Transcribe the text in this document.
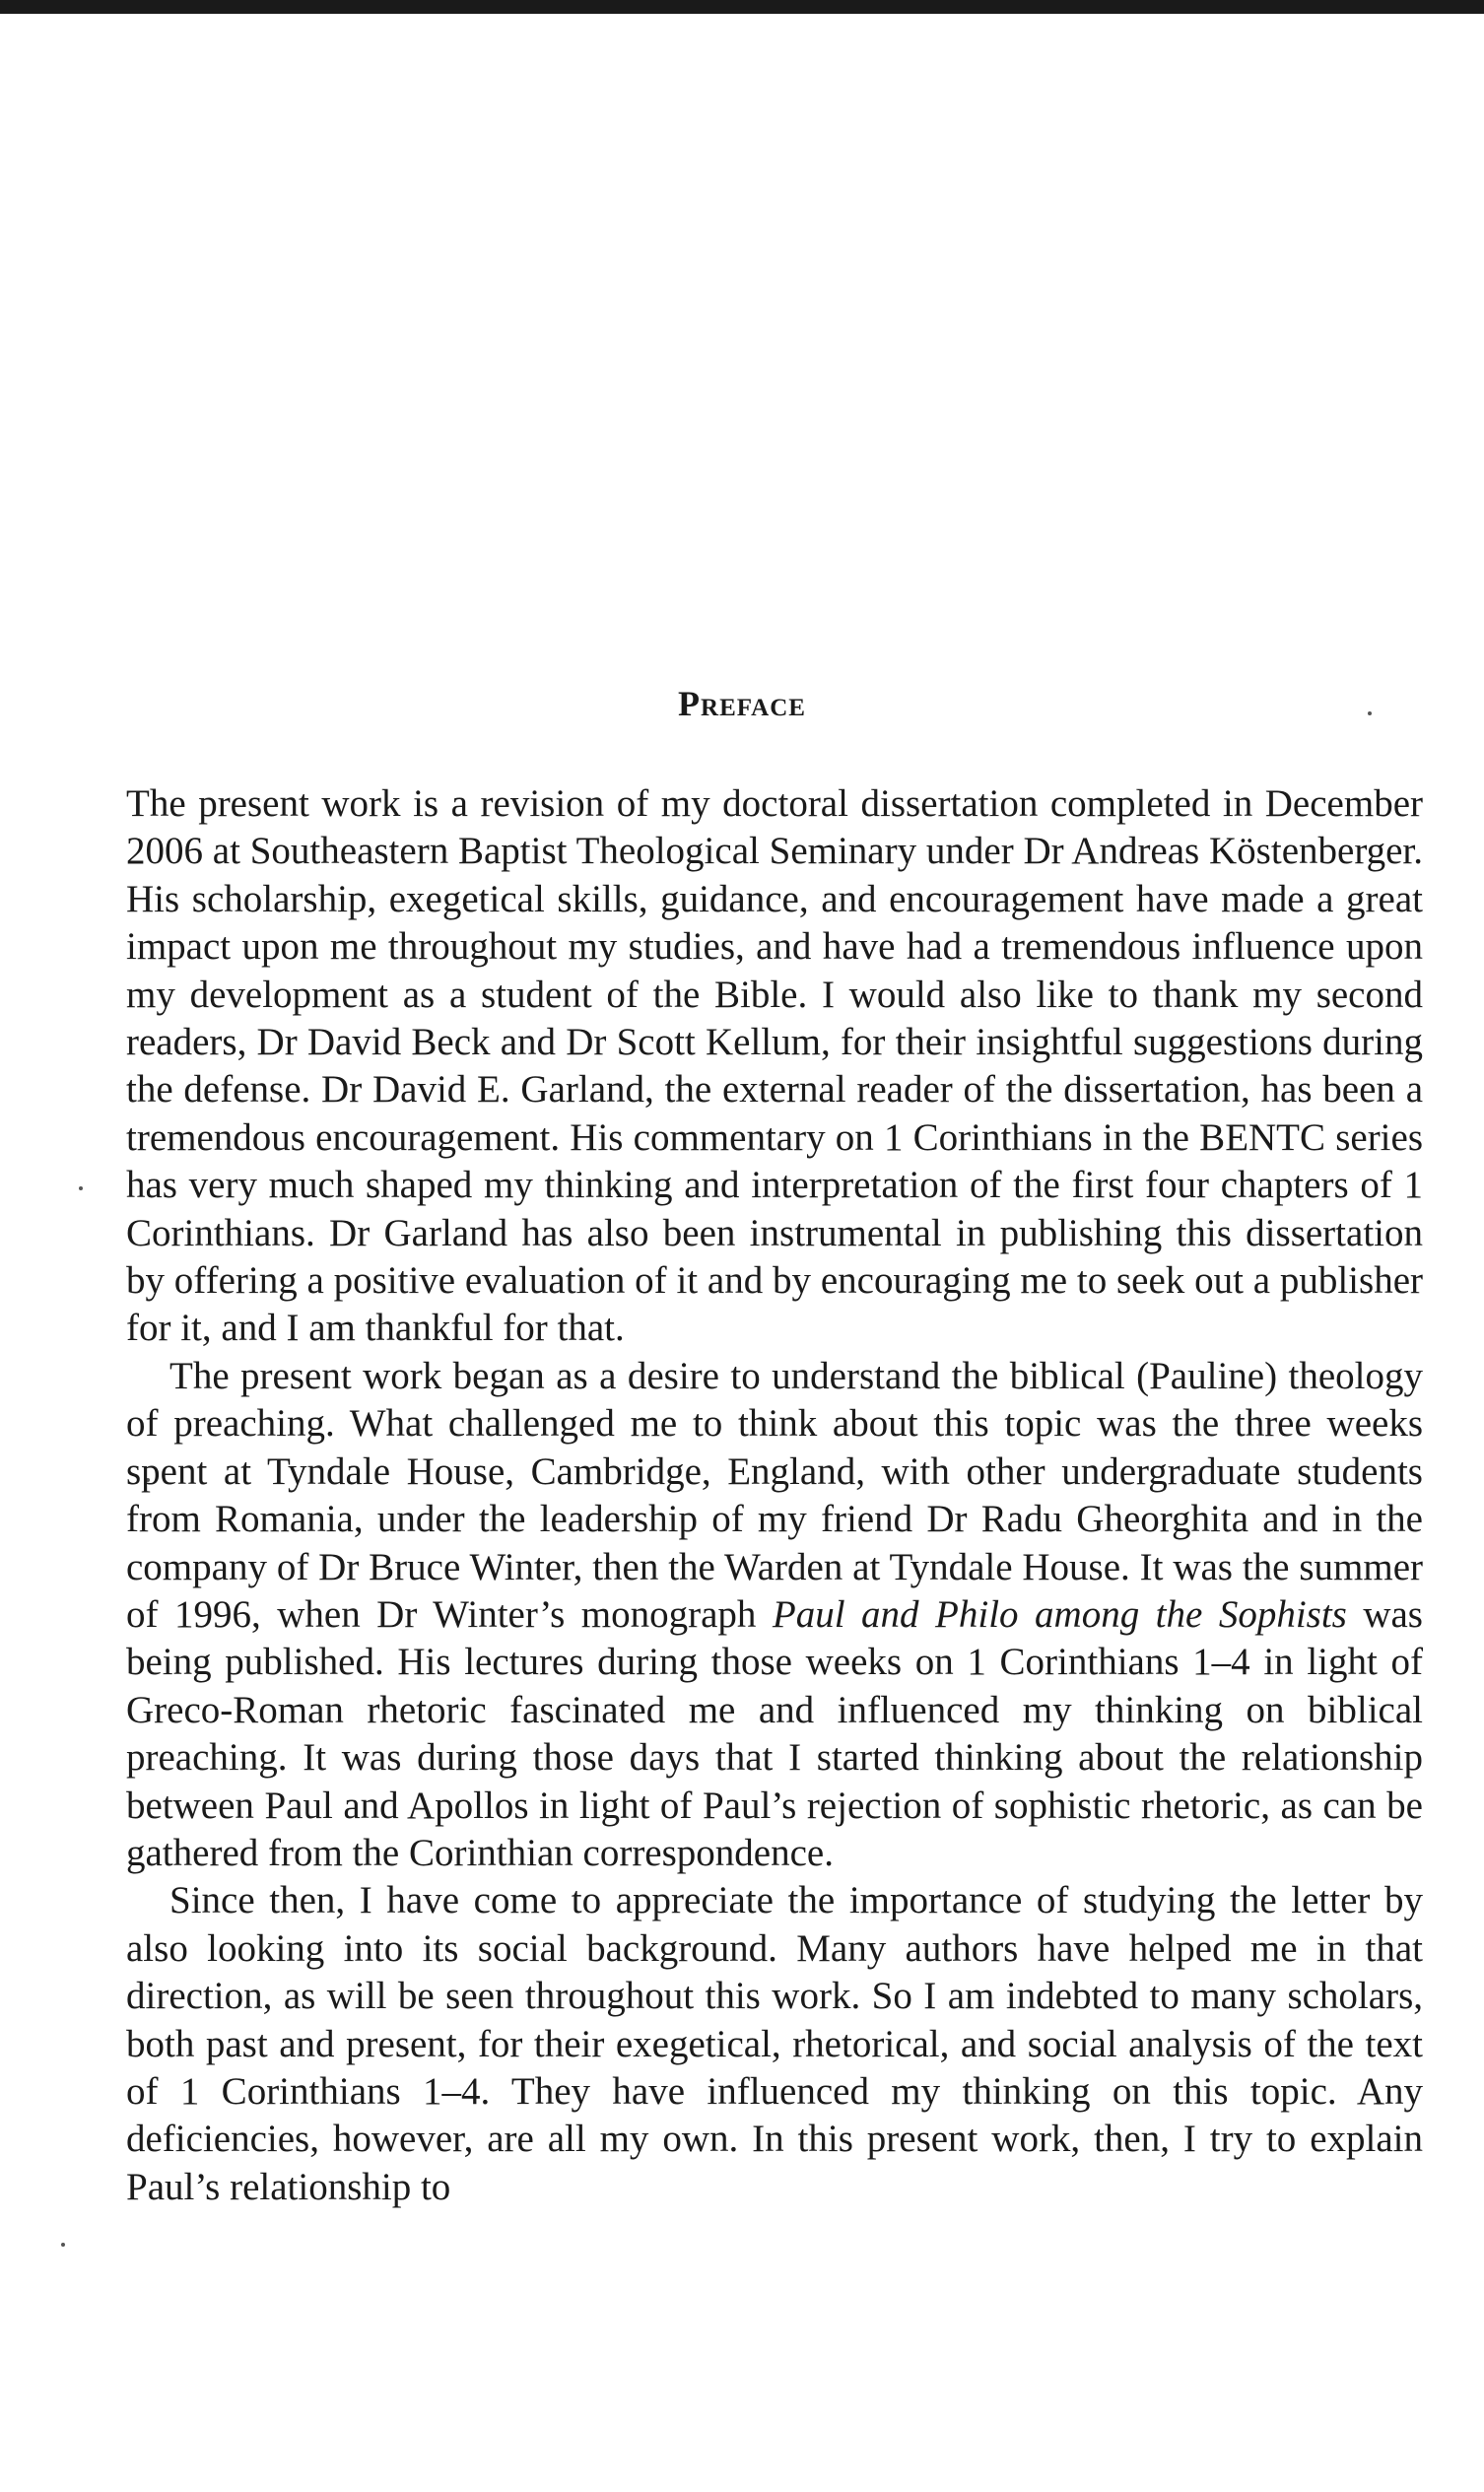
Preface

The present work is a revision of my doctoral dissertation completed in December 2006 at Southeastern Baptist Theological Seminary under Dr Andreas Köstenberger. His scholarship, exegetical skills, guidance, and encouragement have made a great impact upon me throughout my studies, and have had a tremendous influence upon my development as a student of the Bible. I would also like to thank my second readers, Dr David Beck and Dr Scott Kellum, for their insightful suggestions during the defense. Dr David E. Garland, the external reader of the dissertation, has been a tremendous encouragement. His commentary on 1 Corinthians in the BENTC series has very much shaped my thinking and interpretation of the first four chapters of 1 Corinthians. Dr Garland has also been instrumental in publishing this dissertation by offering a positive evaluation of it and by encouraging me to seek out a publisher for it, and I am thankful for that.

The present work began as a desire to understand the biblical (Pauline) theology of preaching. What challenged me to think about this topic was the three weeks spent at Tyndale House, Cambridge, England, with other undergraduate students from Romania, under the leadership of my friend Dr Radu Gheorghita and in the company of Dr Bruce Winter, then the Warden at Tyndale House. It was the summer of 1996, when Dr Winter’s monograph Paul and Philo among the Sophists was being published. His lectures during those weeks on 1 Corinthians 1–4 in light of Greco-Roman rhetoric fascinated me and influenced my thinking on biblical preaching. It was during those days that I started thinking about the relationship between Paul and Apollos in light of Paul’s rejection of sophistic rhetoric, as can be gathered from the Corinthian correspondence.

Since then, I have come to appreciate the importance of studying the letter by also looking into its social background. Many authors have helped me in that direction, as will be seen throughout this work. So I am indebted to many scholars, both past and present, for their exegetical, rhetorical, and social analysis of the text of 1 Corinthians 1–4. They have influenced my thinking on this topic. Any deficiencies, however, are all my own. In this present work, then, I try to explain Paul’s relationship to
